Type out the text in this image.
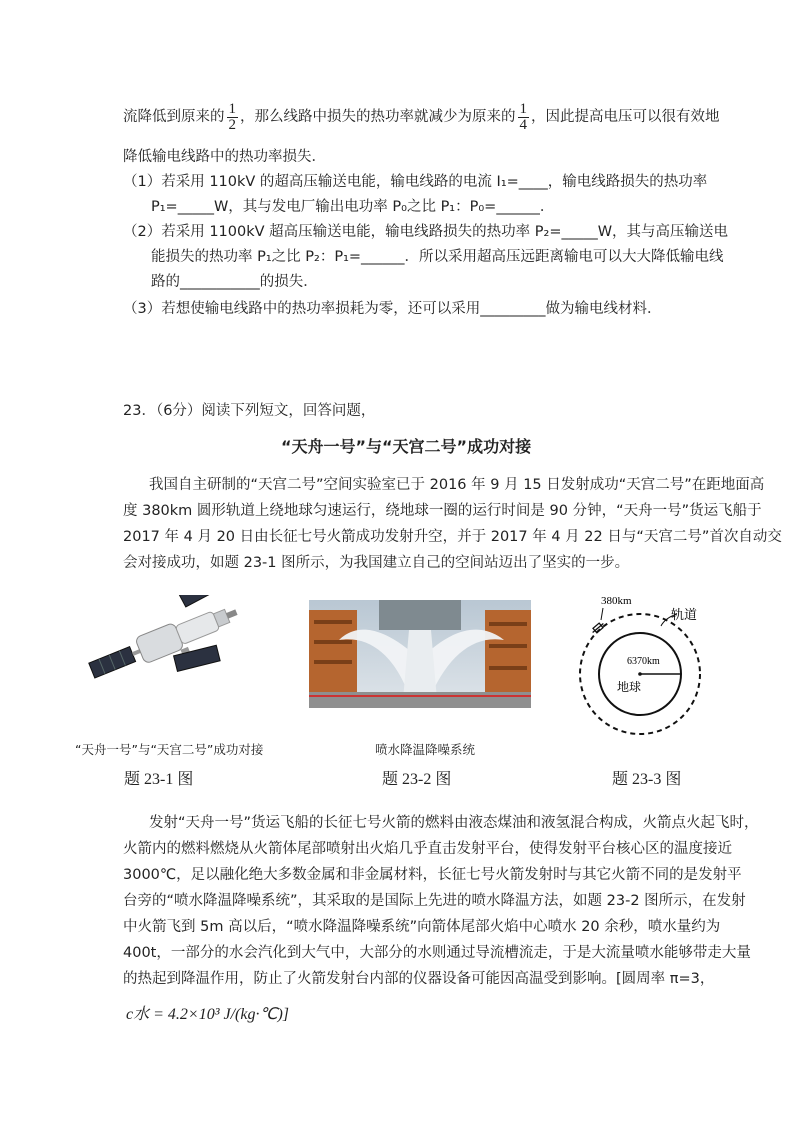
流降低到原来的 $\frac{1}{2}$ ，那么线路中损失的热功率就减少为原来的 $\frac{1}{4}$ ，因此提高电压可以很有效地
降低输电线路中的热功率损失．
（1）若采用 110kV 的超高压输送电能，输电线路的电流 I₁=____，输电线路损失的热功率
P₁=_____W，其与发电厂输出电功率 P₀之比 P₁：P₀=______．
（2）若采用 1100kV 超高压输送电能，输电线路损失的热功率 P₂=_____W，其与高压输送电
能损失的热功率 P₁之比 P₂：P₁=______．所以采用超高压远距离输电可以大大降低输电线
路的___________的损失．
（3）若想使输电线路中的热功率损耗为零，还可以采用_________做为输电线材料．
23．（6分）阅读下列短文，回答问题，
“天舟一号”与“天宫二号”成功对接
我国自主研制的“天宫二号”空间实验室已于 2016 年 9 月 15 日发射成功“天宫二号”在距地面高
度 380km 圆形轨道上绕地球匀速运行，绕地球一圈的运行时间是 90 分钟，“天舟一号”货运飞船于
2017 年 4 月 20 日由长征七号火箭成功发射升空，并于 2017 年 4 月 22 日与“天宫二号”首次自动交
会对接成功，如题 23-1 图所示，为我国建立自己的空间站迈出了坚实的一步。
“天舟一号”与“天宫二号”成功对接
题 23-1 图
喷水降温降噪系统
题 23-2 图
380km
轨道
6370km
地球
题 23-3 图
发射“天舟一号”货运飞船的长征七号火箭的燃料由液态煤油和液氢混合构成，火箭点火起飞时，
火箭内的燃料燃烧从火箭体尾部喷射出火焰几乎直击发射平台，使得发射平台核心区的温度接近
3000℃，足以融化绝大多数金属和非金属材料，长征七号火箭发射时与其它火箭不同的是发射平
台旁的“喷水降温降噪系统”，其采取的是国际上先进的喷水降温方法，如题 23-2 图所示，在发射
中火箭飞到 5m 高以后，“喷水降温降噪系统”向箭体尾部火焰中心喷水 20 余秒，喷水量约为
400t，一部分的水会汽化到大气中，大部分的水则通过导流槽流走，于是大流量喷水能够带走大量
的热起到降温作用，防止了火箭发射台内部的仪器设备可能因高温受到影响。[圆周率 π=3，
c水 = 4.2×10³ J/(kg·℃)]
